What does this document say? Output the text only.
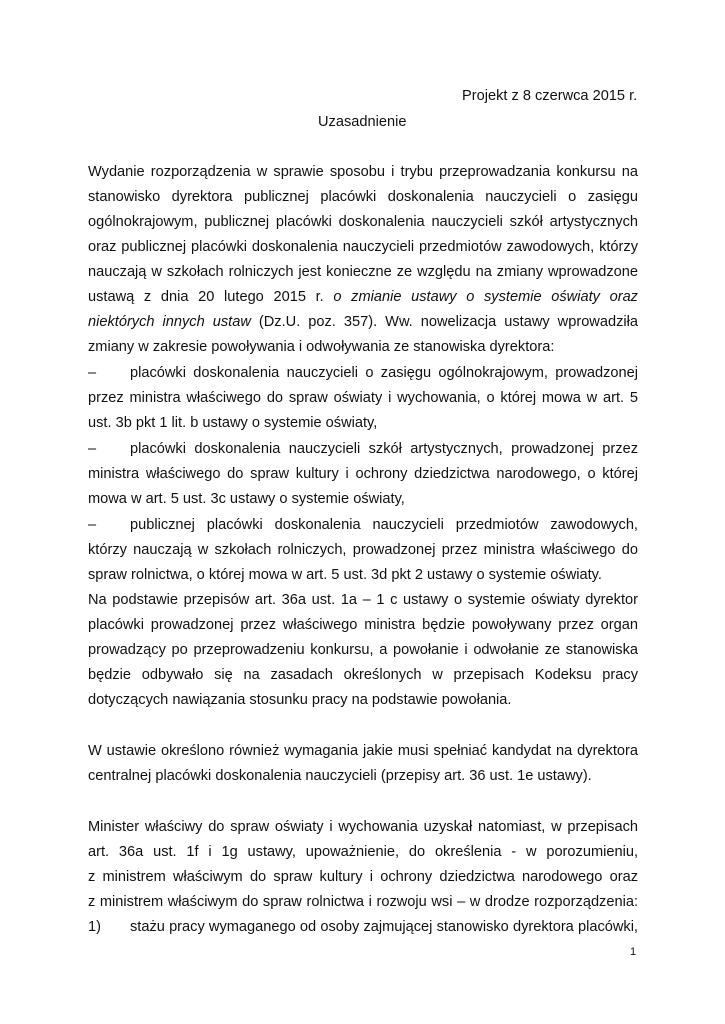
Projekt z 8 czerwca 2015 r.
Uzasadnienie
Wydanie rozporządzenia w sprawie sposobu i trybu przeprowadzania konkursu na
stanowisko dyrektora publicznej placówki doskonalenia nauczycieli o zasięgu
ogólnokrajowym, publicznej placówki doskonalenia nauczycieli szkół artystycznych
oraz publicznej placówki doskonalenia nauczycieli przedmiotów zawodowych, którzy
nauczają w szkołach rolniczych jest konieczne ze względu na zmiany wprowadzone
ustawą z dnia 20 lutego 2015 r. o zmianie ustawy o systemie oświaty oraz
niektórych innych ustaw (Dz.U. poz. 357). Ww. nowelizacja ustawy wprowadziła
zmiany w zakresie powoływania i odwoływania ze stanowiska dyrektora:
– placówki doskonalenia nauczycieli o zasięgu ogólnokrajowym, prowadzonej
przez ministra właściwego do spraw oświaty i wychowania, o której mowa w art. 5
ust. 3b pkt 1 lit. b ustawy o systemie oświaty,
– placówki doskonalenia nauczycieli szkół artystycznych, prowadzonej przez
ministra właściwego do spraw kultury i ochrony dziedzictwa narodowego, o której
mowa w art. 5 ust. 3c ustawy o systemie oświaty,
– publicznej placówki doskonalenia nauczycieli przedmiotów zawodowych,
którzy nauczają w szkołach rolniczych, prowadzonej przez ministra właściwego do
spraw rolnictwa, o której mowa w art. 5 ust. 3d pkt 2 ustawy o systemie oświaty.
Na podstawie przepisów art. 36a ust. 1a – 1 c ustawy o systemie oświaty dyrektor
placówki prowadzonej przez właściwego ministra będzie powoływany przez organ
prowadzący po przeprowadzeniu konkursu, a powołanie i odwołanie ze stanowiska
będzie odbywało się na zasadach określonych w przepisach Kodeksu pracy
dotyczących nawiązania stosunku pracy na podstawie powołania.
W ustawie określono również wymagania jakie musi spełniać kandydat na dyrektora
centralnej placówki doskonalenia nauczycieli (przepisy art. 36 ust. 1e ustawy).
Minister właściwy do spraw oświaty i wychowania uzyskał natomiast, w przepisach
art. 36a ust. 1f i 1g ustawy, upoważnienie, do określenia - w porozumieniu,
z ministrem właściwym do spraw kultury i ochrony dziedzictwa narodowego oraz
z ministrem właściwym do spraw rolnictwa i rozwoju wsi – w drodze rozporządzenia:
1) stażu pracy wymaganego od osoby zajmującej stanowisko dyrektora placówki,
1
